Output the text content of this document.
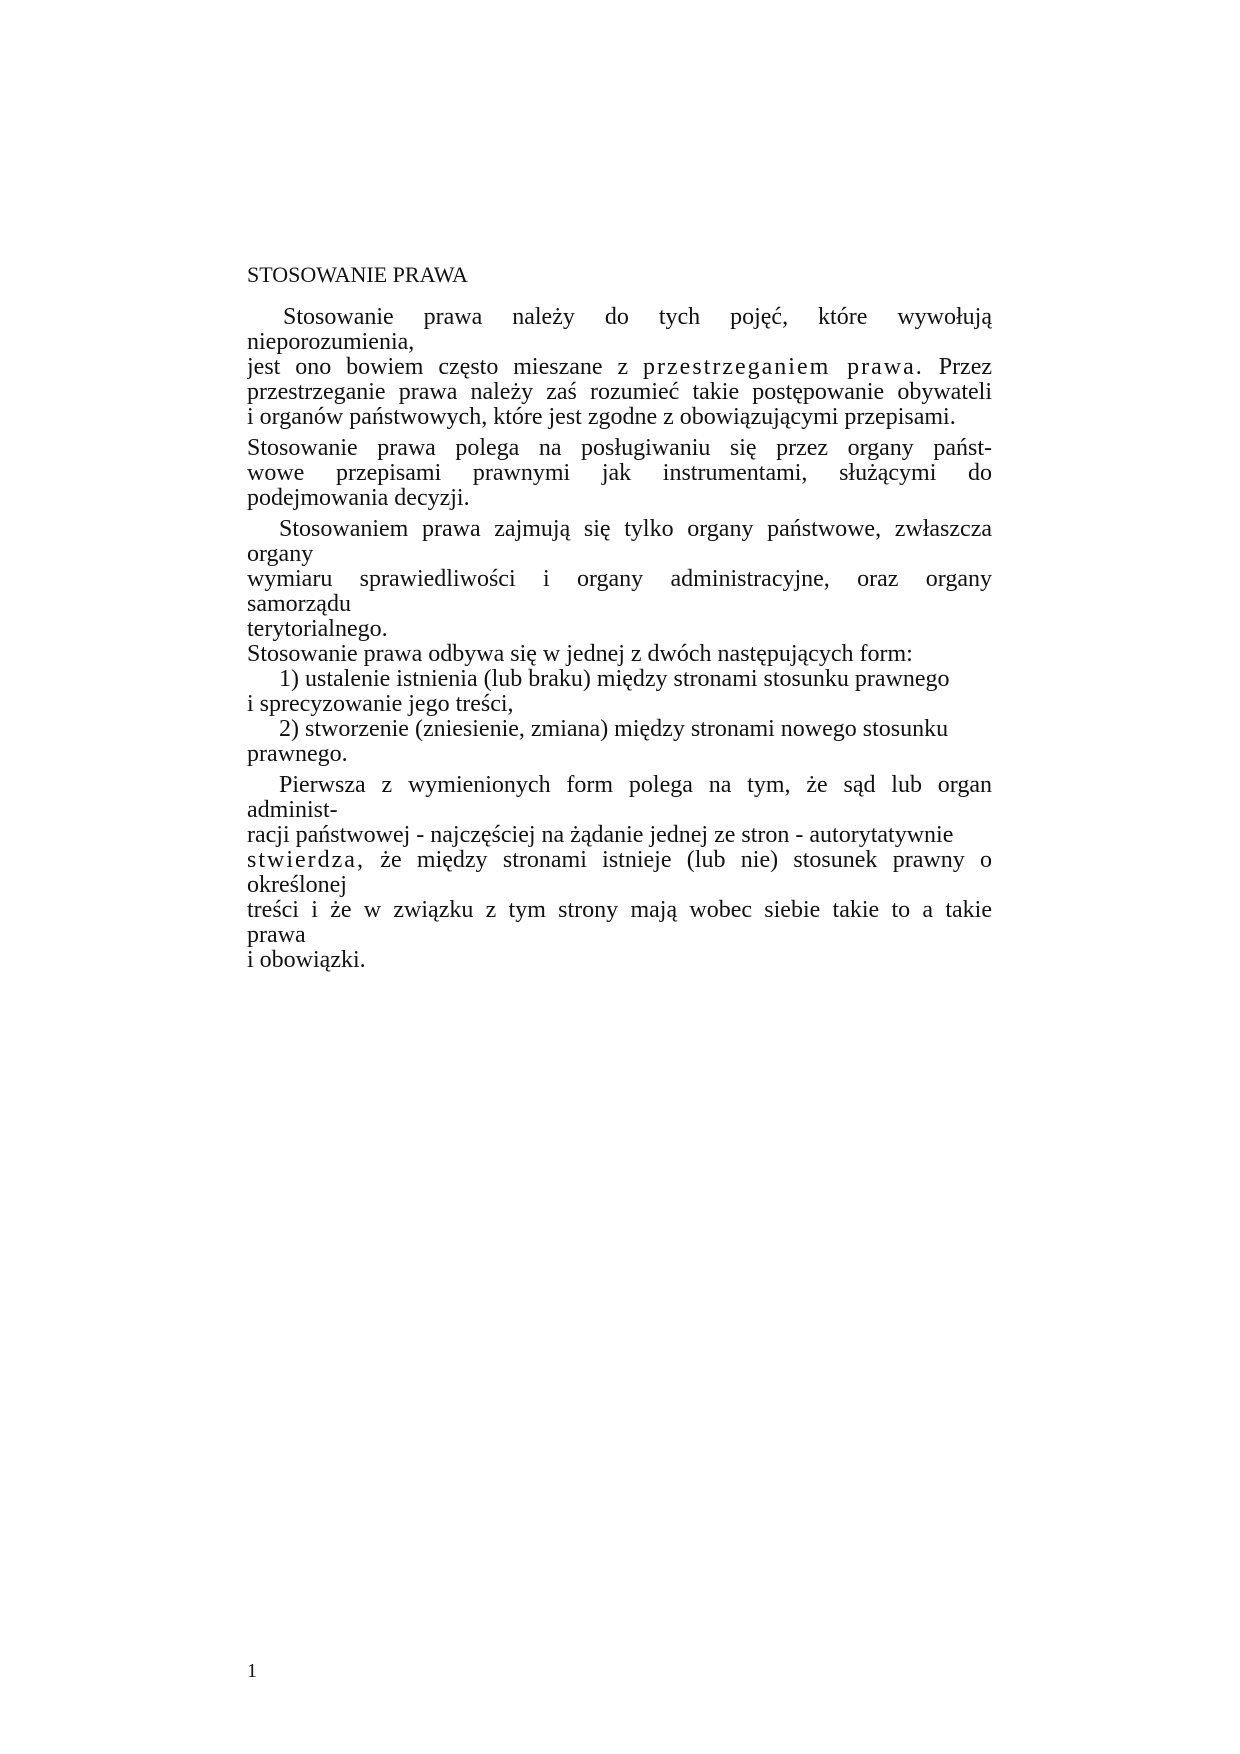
STOSOWANIE PRAWA
Stosowanie prawa należy do tych pojęć, które wywołują
nieporozumienia,
jest ono bowiem często mieszane z przestrzeganiem prawa. Przez
przestrzeganie prawa należy zaś rozumieć takie postępowanie obywateli
i organów państwowych, które jest zgodne z obowiązującymi przepisami.
Stosowanie prawa polega na posługiwaniu się przez organy państ-
wowe przepisami prawnymi jak instrumentami, służącymi do
podejmowania decyzji.
Stosowaniem prawa zajmują się tylko organy państwowe, zwłaszcza
organy
wymiaru sprawiedliwości i organy administracyjne, oraz organy
samorządu
terytorialnego.
Stosowanie prawa odbywa się w jednej z dwóch następujących form:
1) ustalenie istnienia (lub braku) między stronami stosunku prawnego
i sprecyzowanie jego treści,
2) stworzenie (zniesienie, zmiana) między stronami nowego stosunku
prawnego.
Pierwsza z wymienionych form polega na tym, że sąd lub organ
administ-
racji państwowej - najczęściej na żądanie jednej ze stron - autorytatywnie
stwierdza, że między stronami istnieje (lub nie) stosunek prawny o
określonej
treści i że w związku z tym strony mają wobec siebie takie to a takie
prawa
i obowiązki.
1
